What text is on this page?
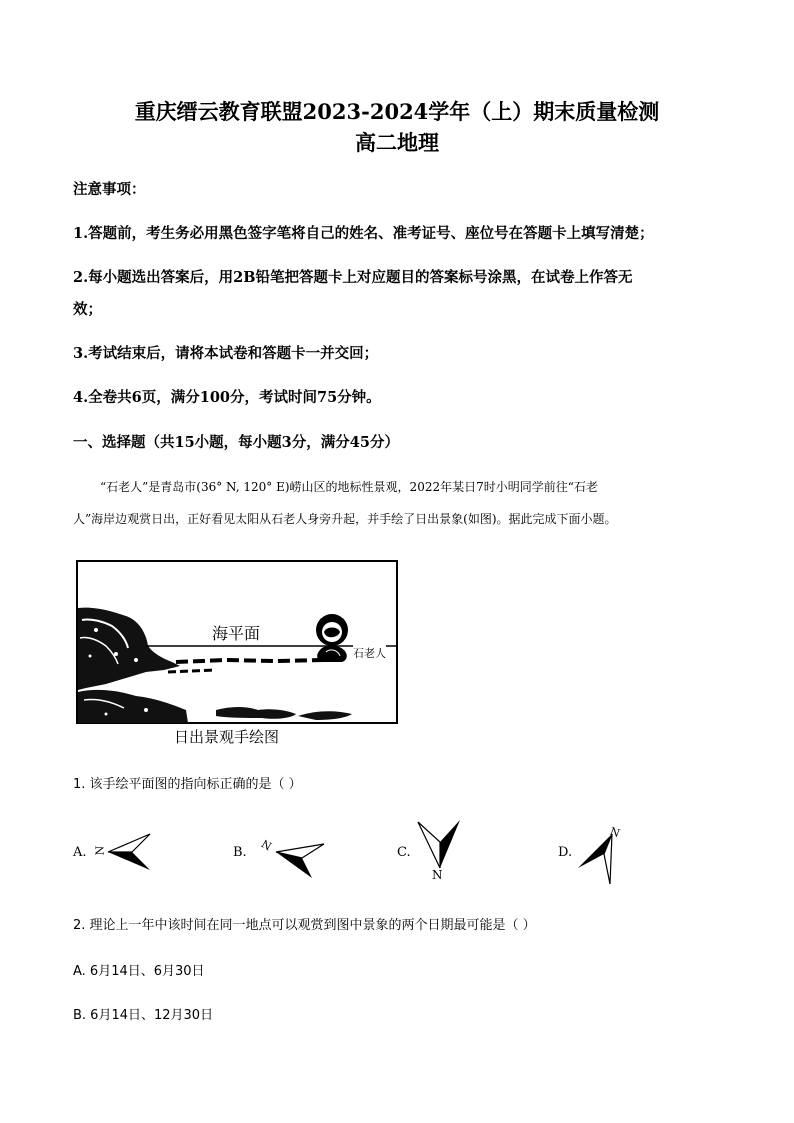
重庆缙云教育联盟2023-2024学年（上）期末质量检测
高二地理
注意事项：
1.答题前，考生务必用黑色签字笔将自己的姓名、准考证号、座位号在答题卡上填写清楚；
2.每小题选出答案后，用2B铅笔把答题卡上对应题目的答案标号涂黑，在试卷上作答无
效；
3.考试结束后，请将本试卷和答题卡一并交回；
4.全卷共6页，满分100分，考试时间75分钟。
一、选择题（共15小题，每小题3分，满分45分）
“石老人”是青岛市(36° N, 120° E)崂山区的地标性景观，2022年某日7时小明同学前往“石老
人”海岸边观赏日出，正好看见太阳从石老人身旁升起，并手绘了日出景象(如图)。据此完成下面小题。
海平面
石老人
日出景观手绘图
1. 该手绘平面图的指向标正确的是（ ）
A. N	B. N	C.
N
D.
N
2. 理论上一年中该时间在同一地点可以观赏到图中景象的两个日期最可能是（ ）
A. 6月14日、6月30日
B. 6月14日、12月30日
